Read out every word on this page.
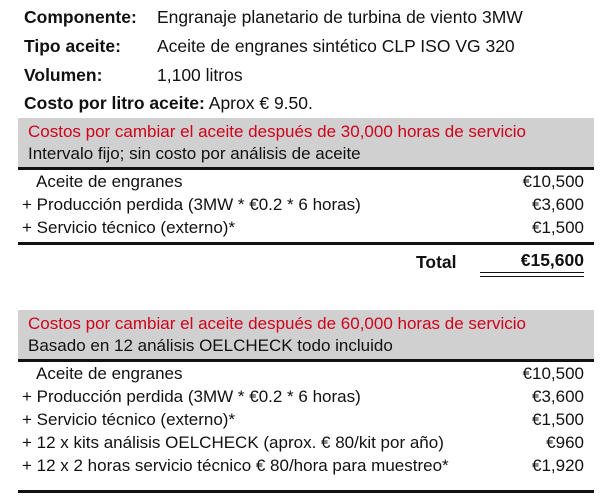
Componente: Engranaje planetario de turbina de viento 3MW
Tipo aceite: Aceite de engranes sintético CLP ISO VG 320
Volumen:	1,100 litros
Costo por litro aceite: Aprox € 9.50.
Costos por cambiar el aceite después de 30,000 horas de servicio
Intervalo fijo; sin costo por análisis de aceite
Aceite de engranes	€10,500
+ Producción perdida (3MW * €0.2 * 6 horas)	€3,600
+ Servicio técnico (externo)*	€1,500
Total	€15,600
Costos por cambiar el aceite después de 60,000 horas de servicio
Basado en 12 análisis OELCHECK todo incluido
Aceite de engranes	€10,500
+ Producción perdida (3MW * €0.2 * 6 horas)	€3,600
+ Servicio técnico (externo)*	€1,500
+ 12 x kits análisis OELCHECK (aprox. € 80/kit por año)	€960
+ 12 x 2 horas servicio técnico € 80/hora para muestreo*	€1,920
